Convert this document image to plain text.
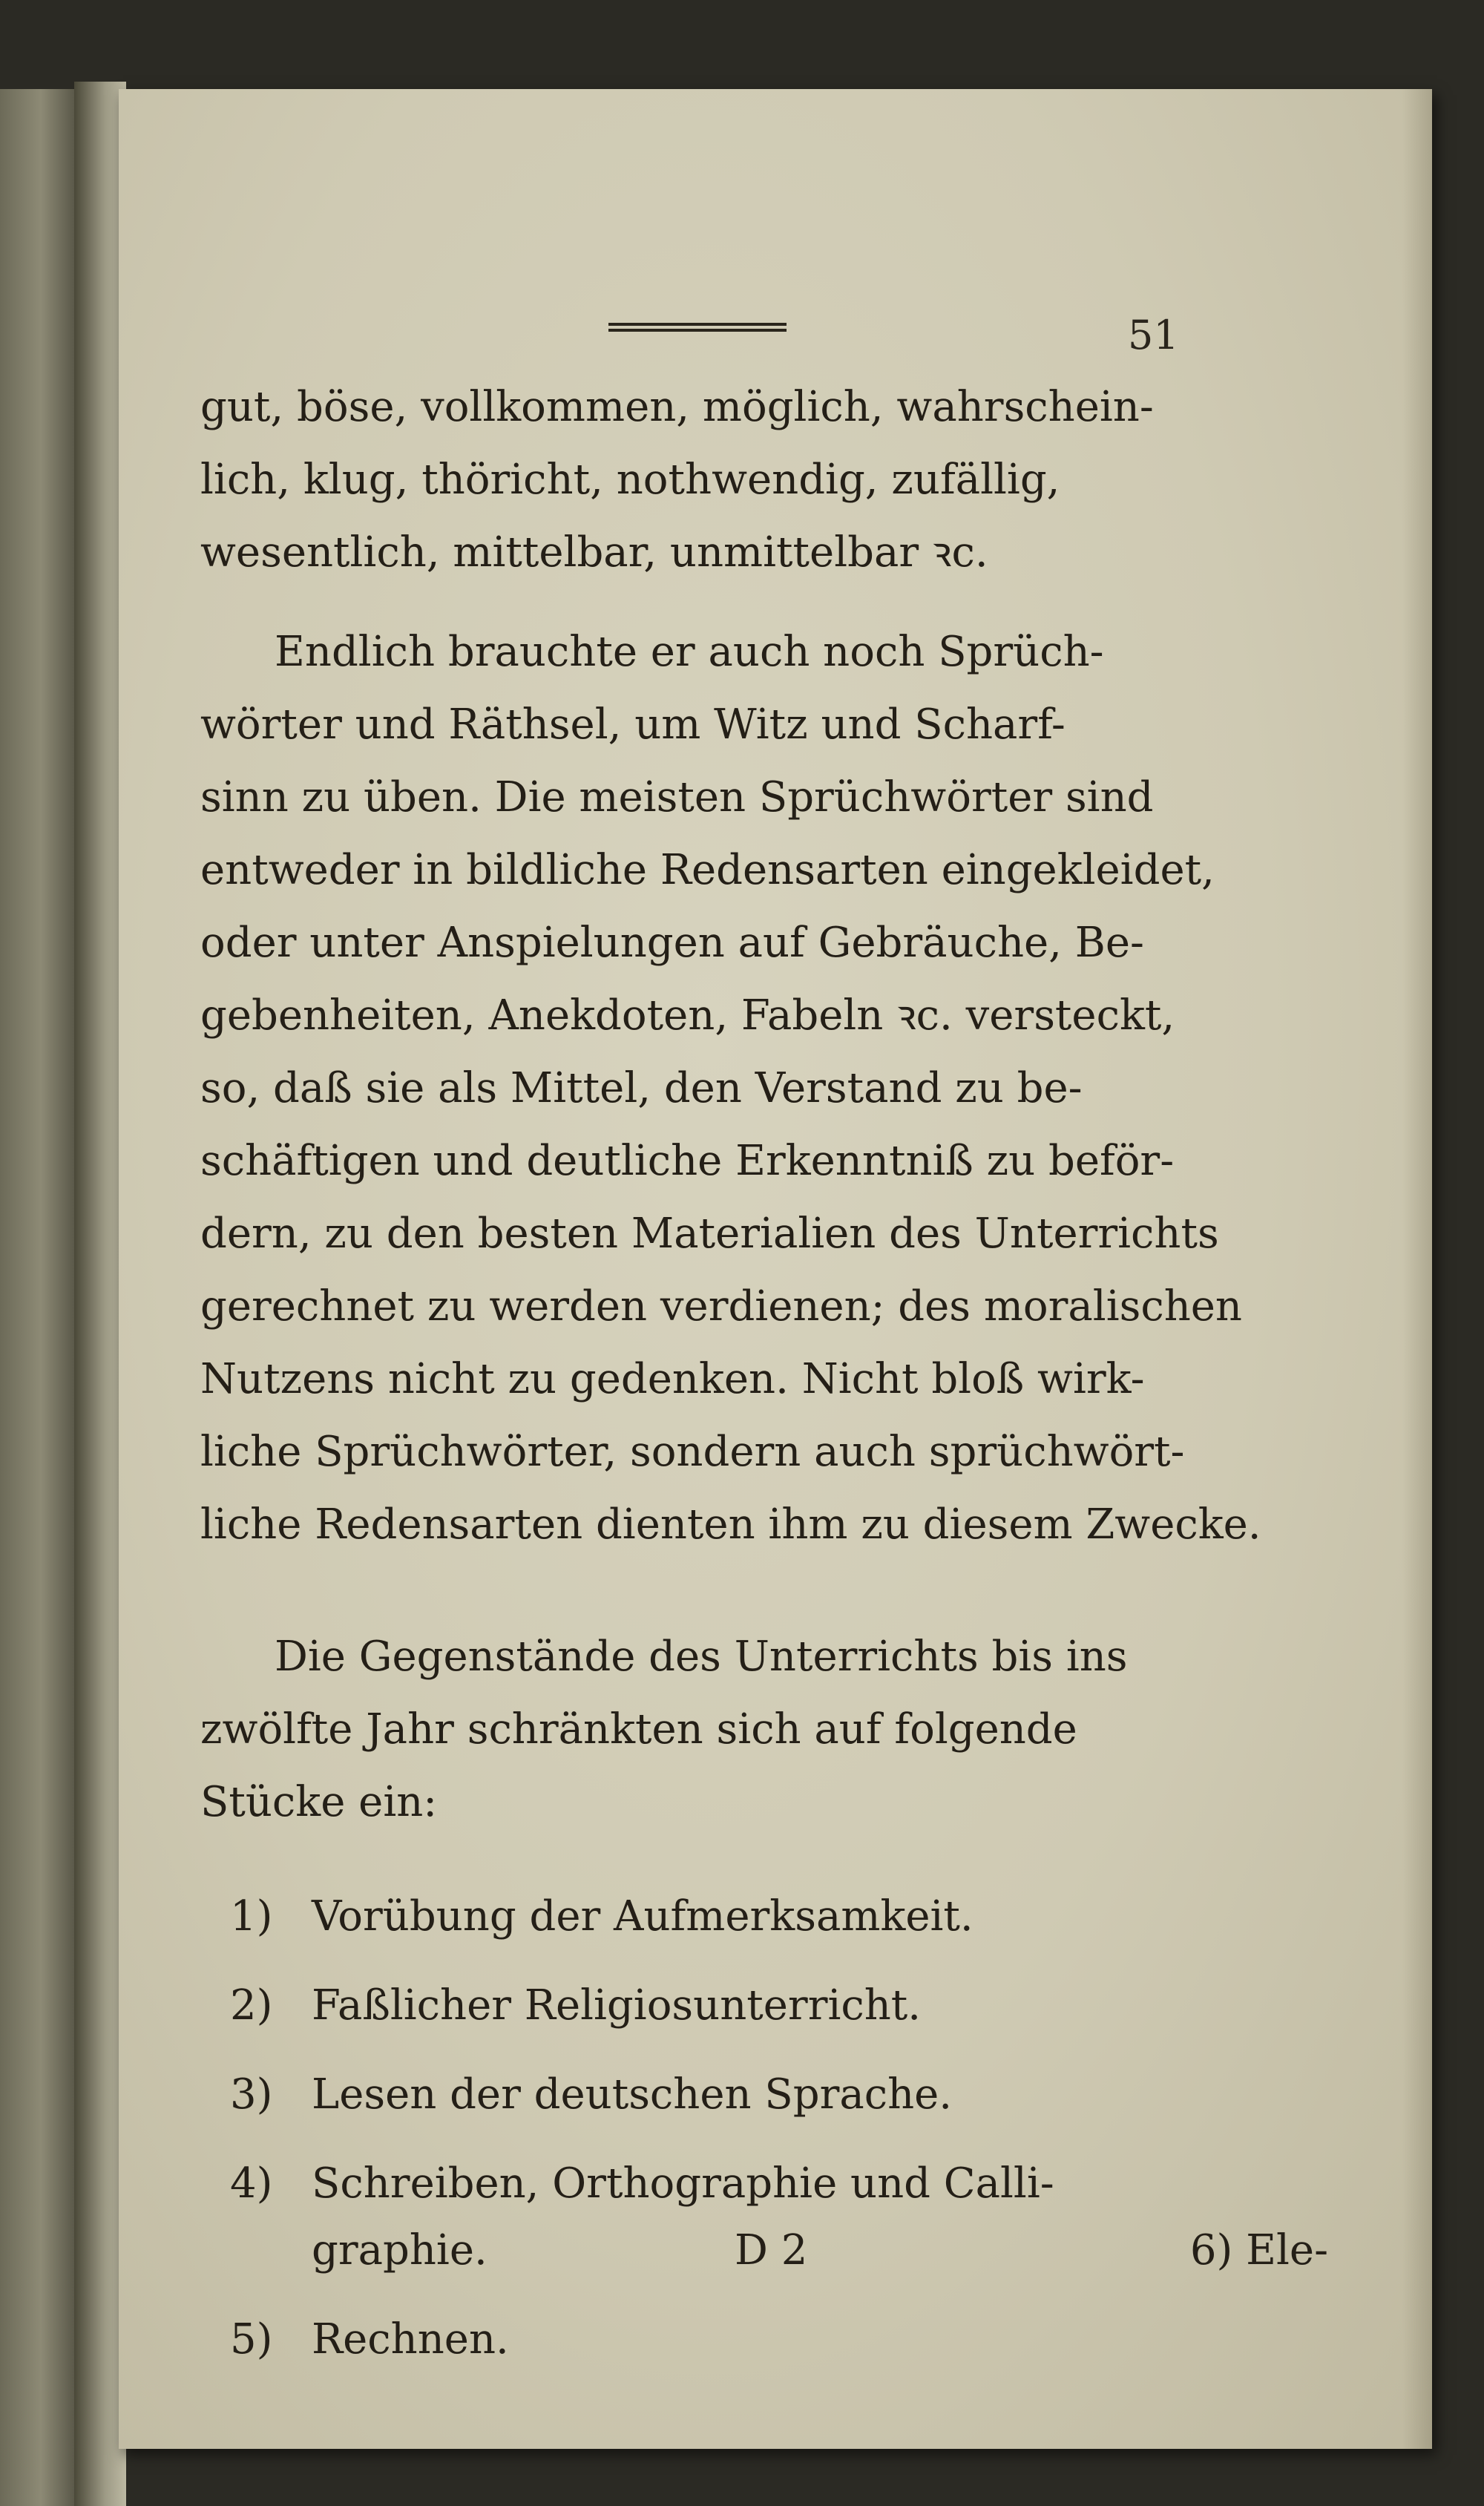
51

gut, böse, vollkommen, möglich, wahrschein-
lich, klug, thöricht, nothwendig, zufällig,
wesentlich, mittelbar, unmittelbar ꝛc.

Endlich brauchte er auch noch Sprüch-
wörter und Räthsel, um Witz und Scharf-
sinn zu üben. Die meisten Sprüchwörter sind
entweder in bildliche Redensarten eingekleidet,
oder unter Anspielungen auf Gebräuche, Be-
gebenheiten, Anekdoten, Fabeln ꝛc. versteckt,
so, daß sie als Mittel, den Verstand zu be-
schäftigen und deutliche Erkenntniß zu beför-
dern, zu den besten Materialien des Unterrichts
gerechnet zu werden verdienen; des moralischen
Nutzens nicht zu gedenken. Nicht bloß wirk-
liche Sprüchwörter, sondern auch sprüchwört-
liche Redensarten dienten ihm zu diesem Zwecke.

Die Gegenstände des Unterrichts bis ins
zwölfte Jahr schränkten sich auf folgende
Stücke ein:

1) Vorübung der Aufmerksamkeit.
2) Faßlicher Religiosunterricht.
3) Lesen der deutschen Sprache.
4) Schreiben, Orthographie und Calli-
graphie.
5) Rechnen.
D 2	6) Ele-
